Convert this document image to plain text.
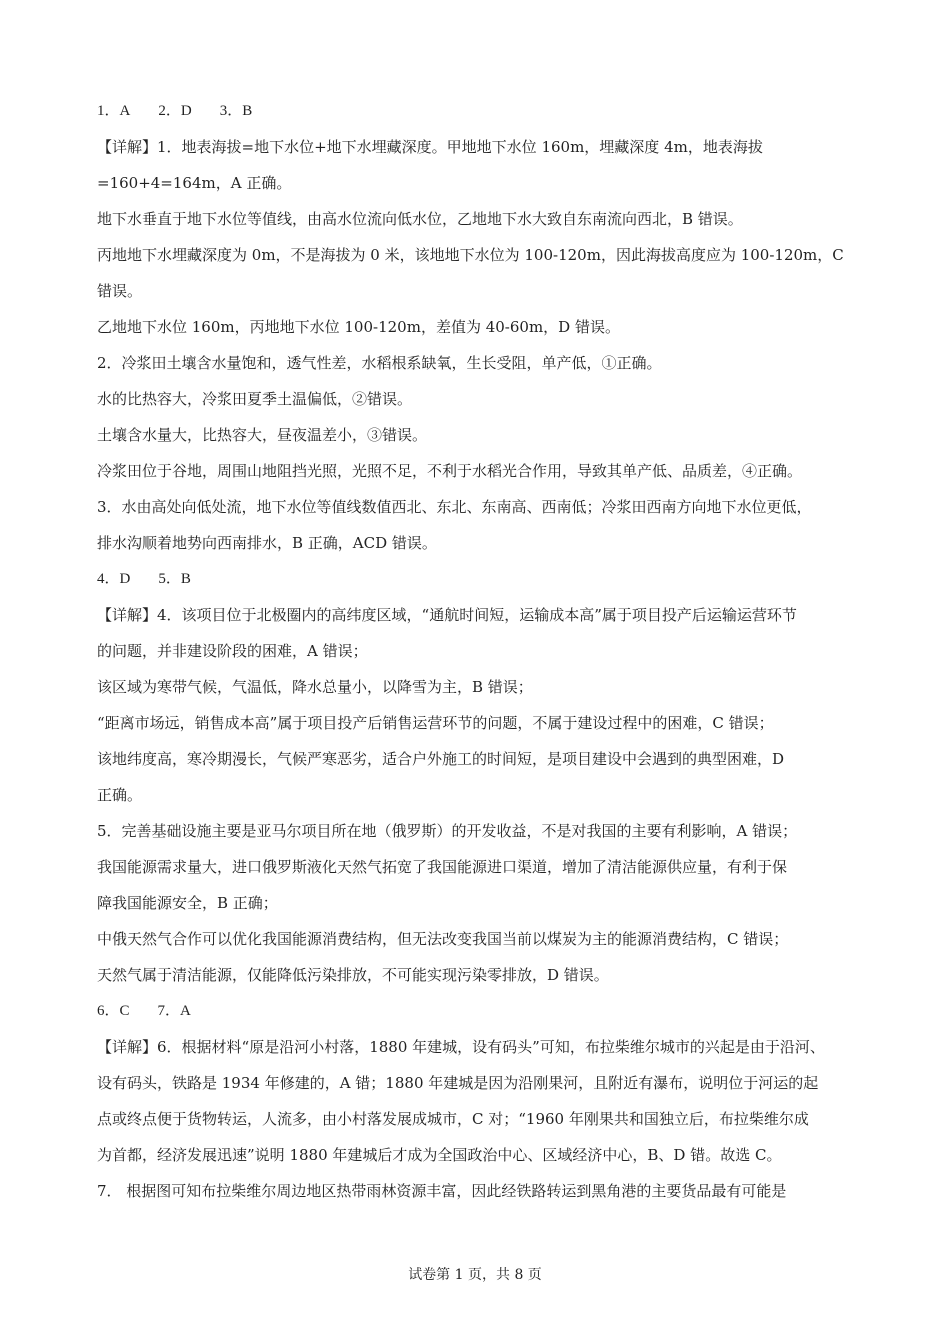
1．A 2．D 3．B
【详解】1．地表海拔=地下水位+地下水埋藏深度。甲地地下水位 160m，埋藏深度 4m，地表海拔
=160+4=164m，A 正确。
地下水垂直于地下水位等值线，由高水位流向低水位，乙地地下水大致自东南流向西北，B 错误。
丙地地下水埋藏深度为 0m，不是海拔为 0 米，该地地下水位为 100-120m，因此海拔高度应为 100-120m，C
错误。
乙地地下水位 160m，丙地地下水位 100-120m，差值为 40-60m，D 错误。
2．冷浆田土壤含水量饱和，透气性差，水稻根系缺氧，生长受阻，单产低，①正确。
水的比热容大，冷浆田夏季土温偏低，②错误。
土壤含水量大，比热容大，昼夜温差小，③错误。
冷浆田位于谷地，周围山地阻挡光照，光照不足，不利于水稻光合作用，导致其单产低、品质差，④正确。
3．水由高处向低处流，地下水位等值线数值西北、东北、东南高、西南低；冷浆田西南方向地下水位更低，
排水沟顺着地势向西南排水，B 正确，ACD 错误。
4．D 5．B
【详解】4．该项目位于北极圈内的高纬度区域，“通航时间短，运输成本高”属于项目投产后运输运营环节
的问题，并非建设阶段的困难，A 错误；
该区域为寒带气候，气温低，降水总量小，以降雪为主，B 错误；
“距离市场远，销售成本高”属于项目投产后销售运营环节的问题，不属于建设过程中的困难，C 错误；
该地纬度高，寒冷期漫长，气候严寒恶劣，适合户外施工的时间短，是项目建设中会遇到的典型困难，D
正确。
5．完善基础设施主要是亚马尔项目所在地（俄罗斯）的开发收益，不是对我国的主要有利影响，A 错误；
我国能源需求量大，进口俄罗斯液化天然气拓宽了我国能源进口渠道，增加了清洁能源供应量，有利于保
障我国能源安全，B 正确；
中俄天然气合作可以优化我国能源消费结构，但无法改变我国当前以煤炭为主的能源消费结构，C 错误；
天然气属于清洁能源，仅能降低污染排放，不可能实现污染零排放，D 错误。
6．C 7．A
【详解】6．根据材料“原是沿河小村落，1880 年建城，设有码头”可知，布拉柴维尔城市的兴起是由于沿河、
设有码头，铁路是 1934 年修建的，A 错；1880 年建城是因为沿刚果河，且附近有瀑布，说明位于河运的起
点或终点便于货物转运，人流多，由小村落发展成城市，C 对；“1960 年刚果共和国独立后，布拉柴维尔成
为首都，经济发展迅速”说明 1880 年建城后才成为全国政治中心、区域经济中心，B、D 错。故选 C。
7． 根据图可知布拉柴维尔周边地区热带雨林资源丰富，因此经铁路转运到黑角港的主要货品最有可能是
试卷第 1 页，共 8 页
